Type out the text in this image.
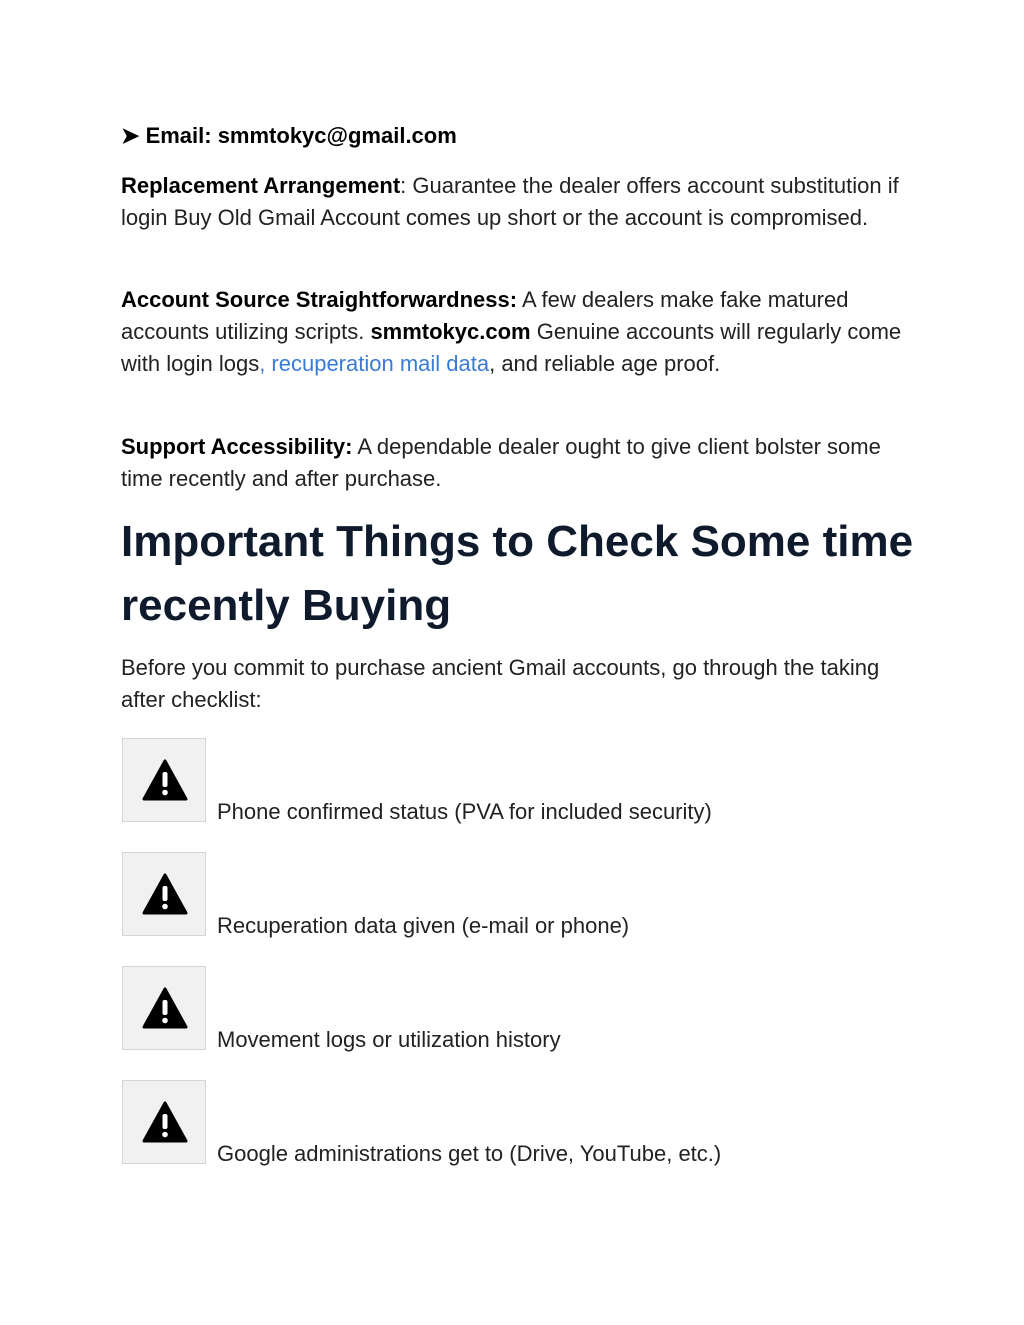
➤ Email: smmtokyc@gmail.com

Replacement Arrangement: Guarantee the dealer offers account substitution if login Buy Old Gmail Account comes up short or the account is compromised.

Account Source Straightforwardness: A few dealers make fake matured accounts utilizing scripts. smmtokyc.com Genuine accounts will regularly come with login logs, recuperation mail data, and reliable age proof.

Support Accessibility: A dependable dealer ought to give client bolster some time recently and after purchase.

Important Things to Check Some time recently Buying

Before you commit to purchase ancient Gmail accounts, go through the taking after checklist:

Phone confirmed status (PVA for included security)
Recuperation data given (e-mail or phone)
Movement logs or utilization history
Google administrations get to (Drive, YouTube, etc.)
